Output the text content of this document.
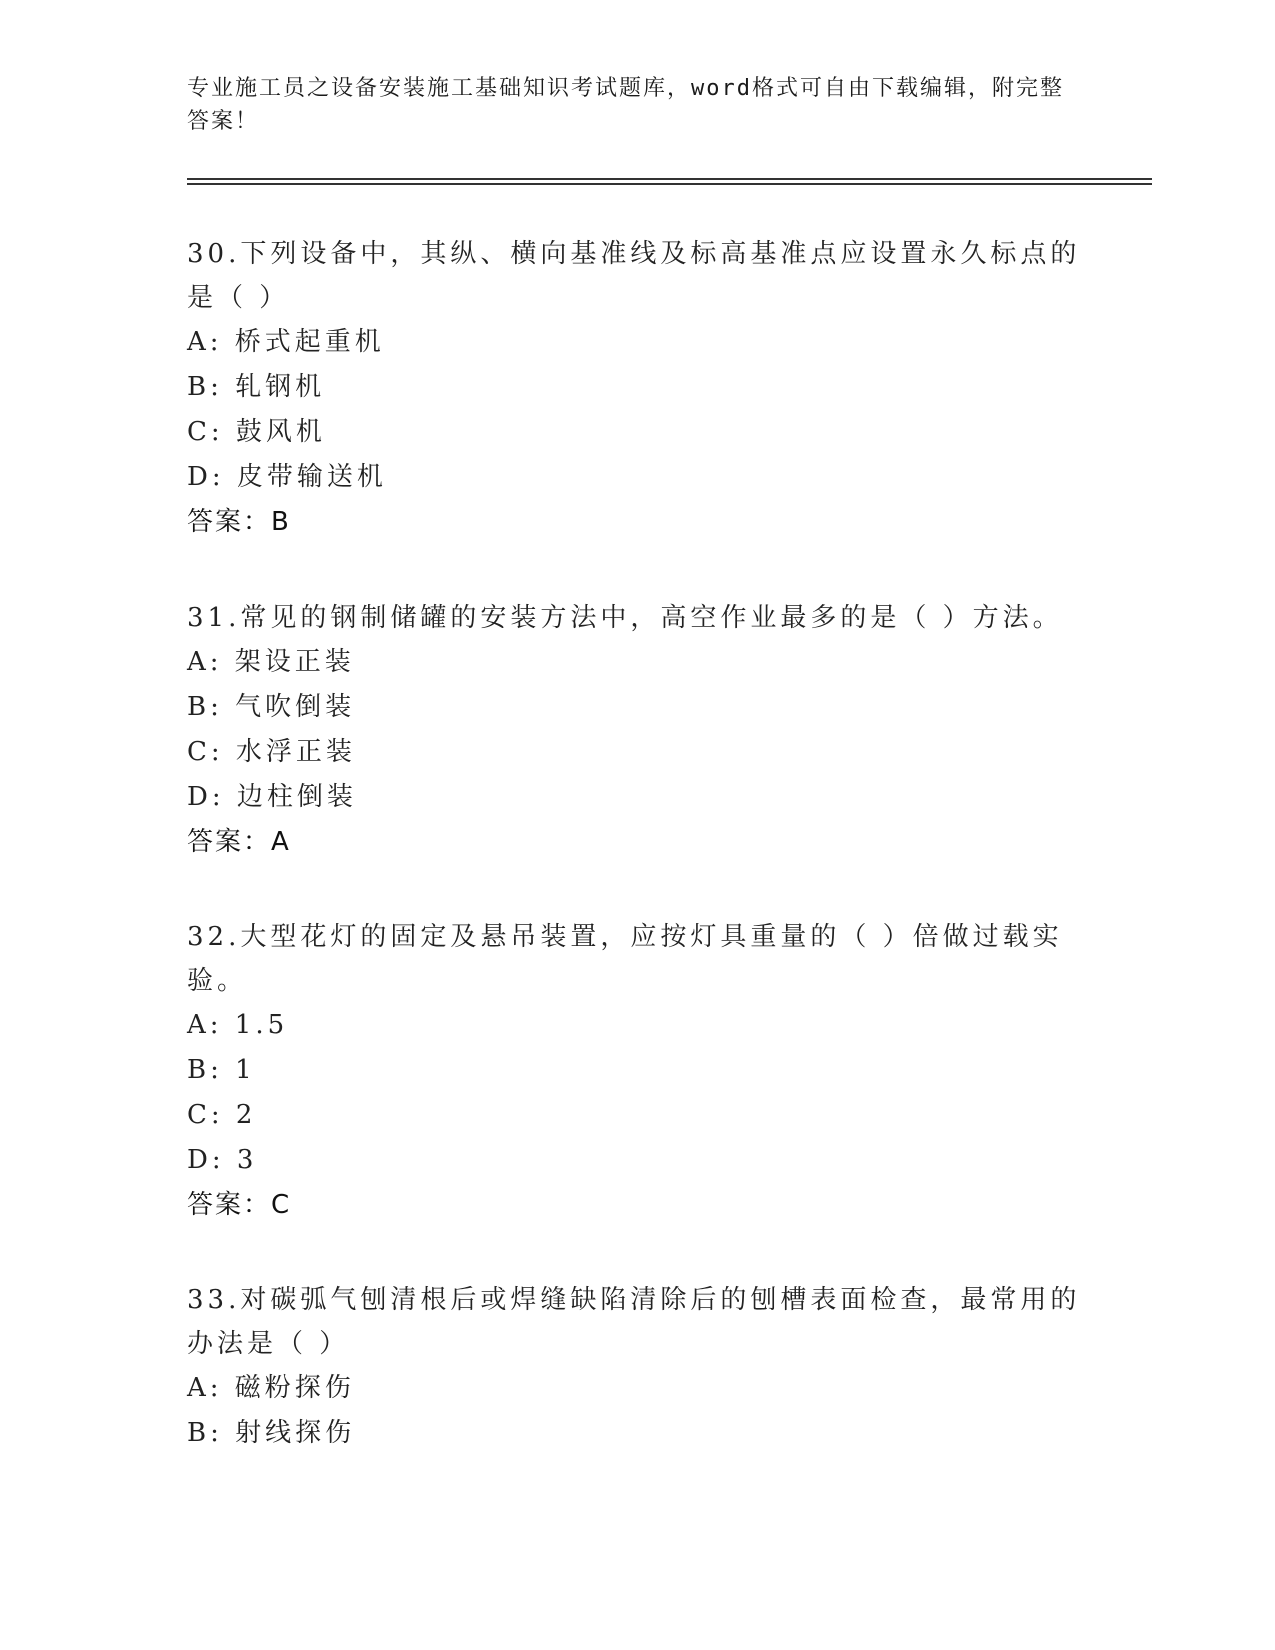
专业施工员之设备安装施工基础知识考试题库，word格式可自由下载编辑，附完整答案！

30.下列设备中，其纵、横向基准线及标高基准点应设置永久标点的是（ ）

A: 桥式起重机

B: 轧钢机

C: 鼓风机

D: 皮带输送机

答案：B

31.常见的钢制储罐的安装方法中，高空作业最多的是（ ）方法。

A: 架设正装

B: 气吹倒装

C: 水浮正装

D: 边柱倒装

答案：A

32.大型花灯的固定及悬吊装置，应按灯具重量的（ ）倍做过载实验。

A: 1.5

B: 1

C: 2

D: 3

答案：C

33.对碳弧气刨清根后或焊缝缺陷清除后的刨槽表面检查，最常用的办法是（ ）

A: 磁粉探伤

B: 射线探伤
